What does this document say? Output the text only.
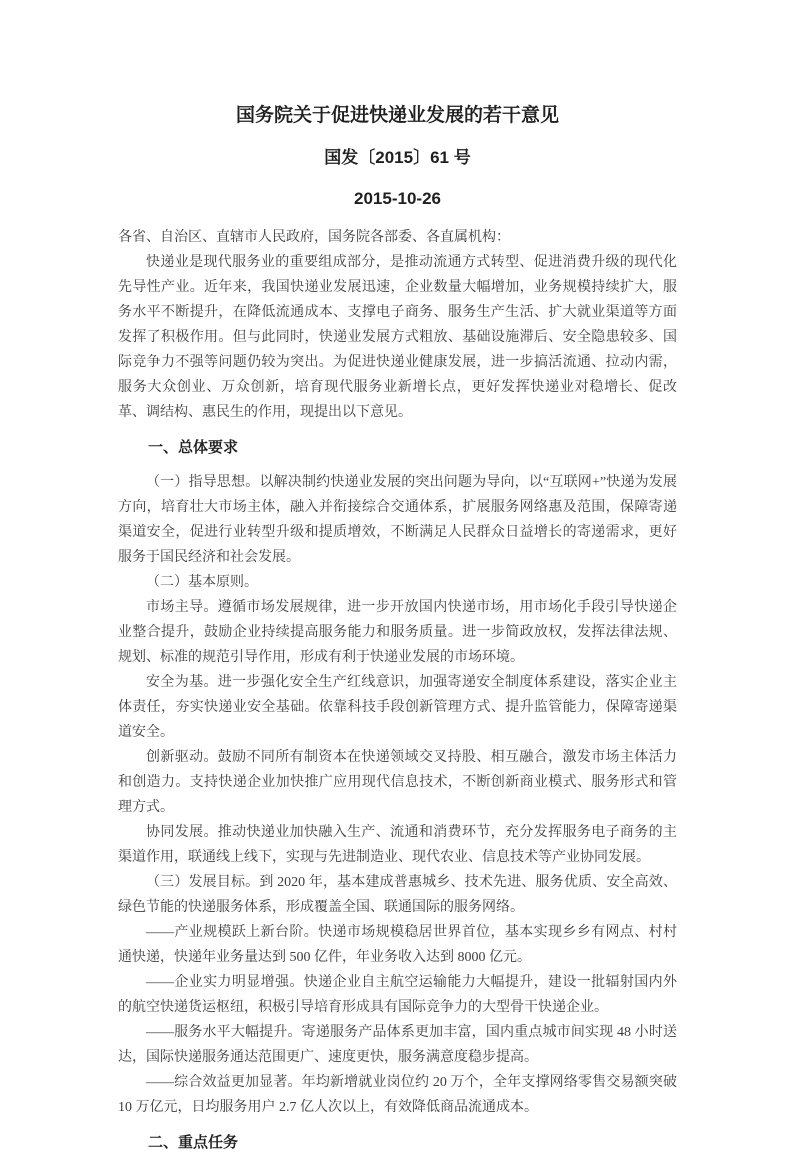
国务院关于促进快递业发展的若干意见
国发〔2015〕61 号
2015-10-26

各省、自治区、直辖市人民政府，国务院各部委、各直属机构：

快递业是现代服务业的重要组成部分，是推动流通方式转型、促进消费升级的现代化先导性产业。近年来，我国快递业发展迅速，企业数量大幅增加，业务规模持续扩大，服务水平不断提升，在降低流通成本、支撑电子商务、服务生产生活、扩大就业渠道等方面发挥了积极作用。但与此同时，快递业发展方式粗放、基础设施滞后、安全隐患较多、国际竞争力不强等问题仍较为突出。为促进快递业健康发展，进一步搞活流通、拉动内需，服务大众创业、万众创新，培育现代服务业新增长点，更好发挥快递业对稳增长、促改革、调结构、惠民生的作用，现提出以下意见。

一、总体要求

（一）指导思想。以解决制约快递业发展的突出问题为导向，以“互联网+”快递为发展方向，培育壮大市场主体，融入并衔接综合交通体系，扩展服务网络惠及范围，保障寄递渠道安全，促进行业转型升级和提质增效，不断满足人民群众日益增长的寄递需求，更好服务于国民经济和社会发展。

（二）基本原则。

市场主导。遵循市场发展规律，进一步开放国内快递市场，用市场化手段引导快递企业整合提升，鼓励企业持续提高服务能力和服务质量。进一步简政放权，发挥法律法规、规划、标准的规范引导作用，形成有利于快递业发展的市场环境。

安全为基。进一步强化安全生产红线意识，加强寄递安全制度体系建设，落实企业主体责任，夯实快递业安全基础。依靠科技手段创新管理方式、提升监管能力，保障寄递渠道安全。

创新驱动。鼓励不同所有制资本在快递领域交叉持股、相互融合，激发市场主体活力和创造力。支持快递企业加快推广应用现代信息技术，不断创新商业模式、服务形式和管理方式。

协同发展。推动快递业加快融入生产、流通和消费环节，充分发挥服务电子商务的主渠道作用，联通线上线下，实现与先进制造业、现代农业、信息技术等产业协同发展。

（三）发展目标。到 2020 年，基本建成普惠城乡、技术先进、服务优质、安全高效、绿色节能的快递服务体系，形成覆盖全国、联通国际的服务网络。

——产业规模跃上新台阶。快递市场规模稳居世界首位，基本实现乡乡有网点、村村通快递，快递年业务量达到 500 亿件，年业务收入达到 8000 亿元。

——企业实力明显增强。快递企业自主航空运输能力大幅提升，建设一批辐射国内外的航空快递货运枢纽，积极引导培育形成具有国际竞争力的大型骨干快递企业。

——服务水平大幅提升。寄递服务产品体系更加丰富，国内重点城市间实现 48 小时送达，国际快递服务通达范围更广、速度更快，服务满意度稳步提高。

——综合效益更加显著。年均新增就业岗位约 20 万个，全年支撑网络零售交易额突破 10 万亿元，日均服务用户 2.7 亿人次以上，有效降低商品流通成本。

二、重点任务
